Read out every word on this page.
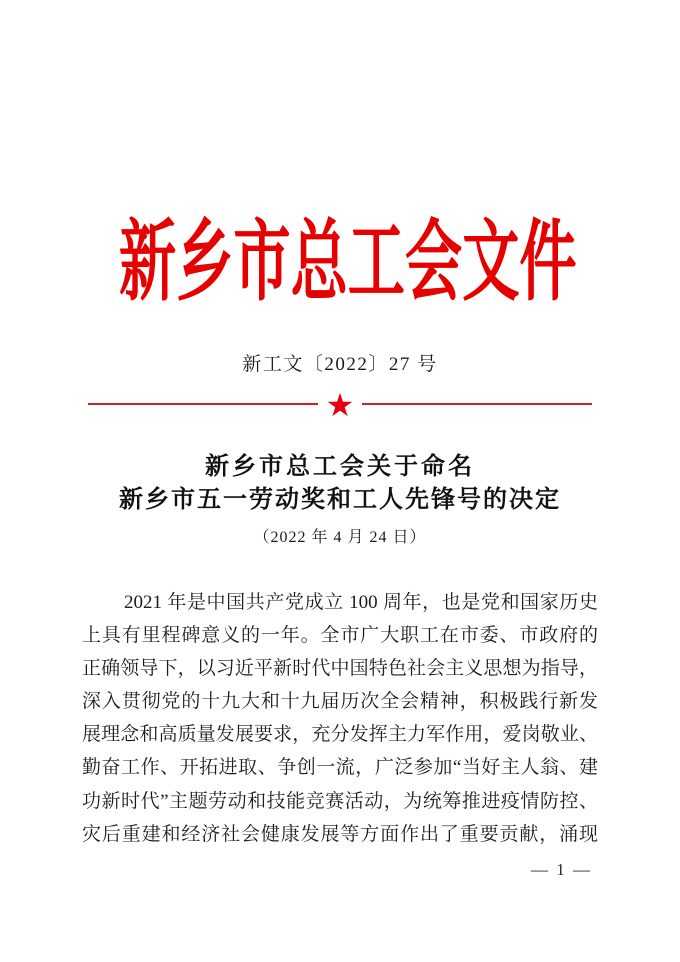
新乡市总工会文件
新工文〔2022〕27 号
★
新乡市总工会关于命名
新乡市五一劳动奖和工人先锋号的决定
（2022 年 4 月 24 日）
2021 年是中国共产党成立 100 周年，也是党和国家历史
上具有里程碑意义的一年。全市广大职工在市委、市政府的
正确领导下，以习近平新时代中国特色社会主义思想为指导，
深入贯彻党的十九大和十九届历次全会精神，积极践行新发
展理念和高质量发展要求，充分发挥主力军作用，爱岗敬业、
勤奋工作、开拓进取、争创一流，广泛参加“当好主人翁、建
功新时代”主题劳动和技能竞赛活动，为统筹推进疫情防控、
灾后重建和经济社会健康发展等方面作出了重要贡献，涌现
— 1 —
